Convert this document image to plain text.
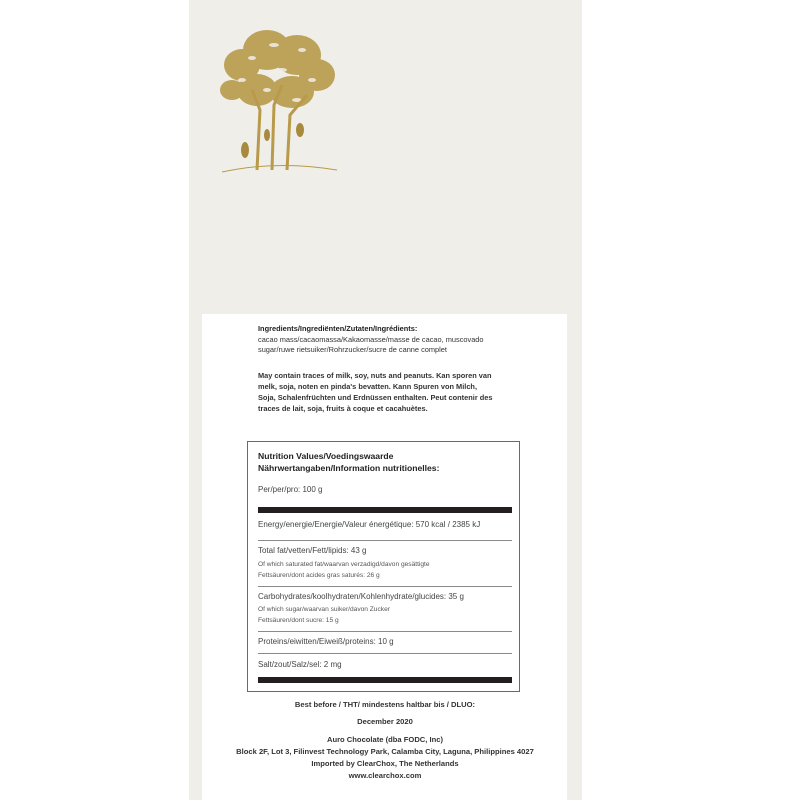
Ingredients/Ingrediënten/Zutaten/Ingrédients:
cacao mass/cacaomassa/Kakaomasse/masse de cacao, muscovado
sugar/ruwe rietsuiker/Rohrzucker/sucre de canne complet
May contain traces of milk, soy, nuts and peanuts. Kan sporen van
melk, soja, noten en pinda's bevatten. Kann Spuren von Milch,
Soja, Schalenfrüchten und Erdnüssen enthalten. Peut contenir des
traces de lait, soja, fruits à coque et cacahuètes.
Nutrition Values/Voedingswaarde
Nährwertangaben/Information nutritionelles:
Per/per/pro: 100 g
Energy/energie/Energie/Valeur énergétique: 570 kcal / 2385 kJ
Total fat/vetten/Fett/lipids: 43 g
Of which saturated fat/waarvan verzadigd/davon gesättigte
Fettsäuren/dont acides gras saturés: 26 g
Carbohydrates/koolhydraten/Kohlenhydrate/glucides: 35 g
Of which sugar/waarvan suiker/davon Zucker
Fettsäuren/dont sucre: 15 g
Proteins/eiwitten/Eiweiß/proteins: 10 g
Salt/zout/Salz/sel: 2 mg
Best before / THT/ mindestens haltbar bis / DLUO:
December 2020
Auro Chocolate (dba FODC, Inc)
Block 2F, Lot 3, Filinvest Technology Park, Calamba City, Laguna, Philippines 4027
Imported by ClearChox, The Netherlands
www.clearchox.com
